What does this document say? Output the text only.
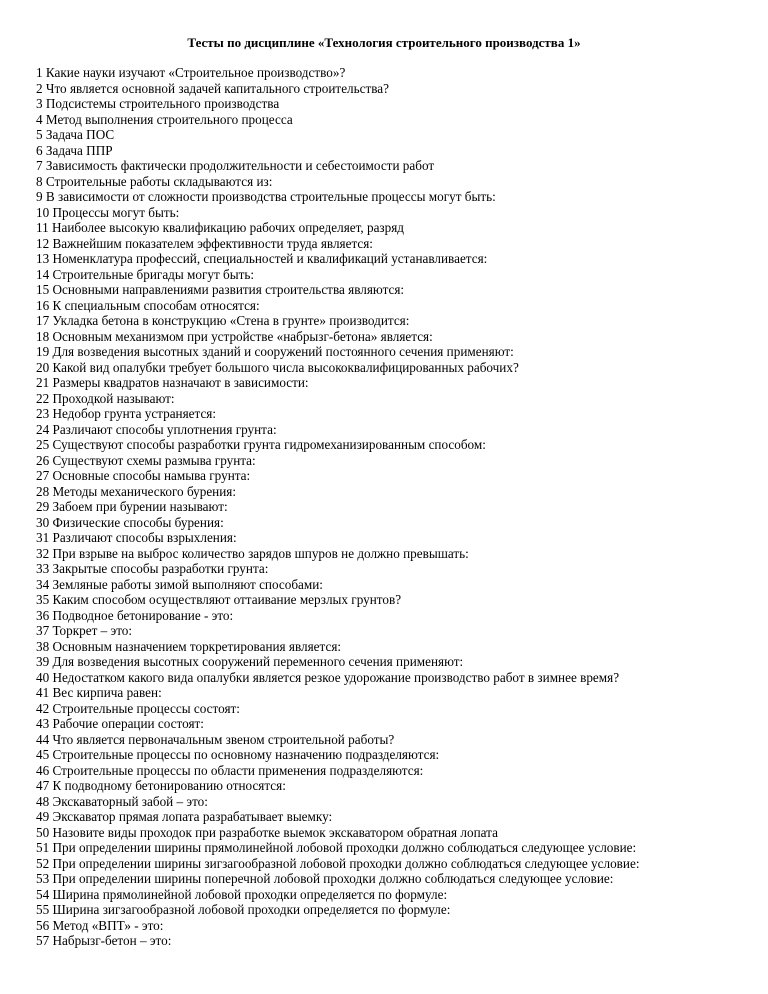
Тесты по дисциплине «Технология строительного производства 1»
1 Какие науки изучают «Строительное производство»?
2 Что является основной задачей капитального строительства?
3 Подсистемы строительного производства
4 Метод выполнения строительного процесса
5 Задача ПОС
6 Задача ППР
7 Зависимость фактически продолжительности и себестоимости работ
8 Строительные работы складываются из:
9 В зависимости от сложности производства строительные процессы могут быть:
10 Процессы могут быть:
11 Наиболее высокую квалификацию рабочих определяет, разряд
12 Важнейшим показателем эффективности труда является:
13 Номенклатура профессий, специальностей и квалификаций устанавливается:
14 Строительные бригады могут быть:
15 Основными направлениями развития строительства являются:
16 К специальным способам относятся:
17 Укладка бетона в конструкцию «Стена в грунте» производится:
18 Основным механизмом при устройстве «набрызг-бетона» является:
19 Для возведения высотных зданий и сооружений постоянного сечения применяют:
20 Какой вид опалубки требует большого числа высококвалифицированных рабочих?
21 Размеры квадратов назначают в зависимости:
22 Проходкой называют:
23 Недобор грунта устраняется:
24 Различают способы уплотнения грунта:
25 Существуют способы разработки грунта гидромеханизированным способом:
26 Существуют схемы размыва грунта:
27 Основные способы намыва грунта:
28 Методы механического бурения:
29 Забоем при бурении называют:
30 Физические способы бурения:
31 Различают способы взрыхления:
32 При взрыве на выброс количество зарядов шпуров не должно превышать:
33 Закрытые способы разработки грунта:
34 Земляные работы зимой выполняют способами:
35 Каким способом осуществляют оттаивание мерзлых грунтов?
36 Подводное бетонирование - это:
37 Торкрет – это:
38 Основным назначением торкретирования является:
39 Для возведения высотных сооружений переменного сечения применяют:
40 Недостатком какого вида опалубки является резкое удорожание производство работ в зимнее время?
41 Вес кирпича равен:
42 Строительные процессы состоят:
43 Рабочие операции состоят:
44 Что является первоначальным звеном строительной работы?
45 Строительные процессы по основному назначению подразделяются:
46 Строительные процессы по области применения подразделяются:
47 К подводному бетонированию относятся:
48 Экскаваторный забой – это:
49 Экскаватор прямая лопата разрабатывает выемку:
50 Назовите виды проходок при разработке выемок экскаватором обратная лопата
51 При определении ширины прямолинейной лобовой проходки должно соблюдаться следующее условие:
52 При определении ширины зигзагообразной лобовой проходки должно соблюдаться следующее условие:
53 При определении ширины поперечной лобовой проходки должно соблюдаться следующее условие:
54 Ширина прямолинейной лобовой проходки определяется по формуле:
55 Ширина зигзагообразной лобовой проходки определяется по формуле:
56 Метод «ВПТ» - это:
57 Набрызг-бетон – это:
